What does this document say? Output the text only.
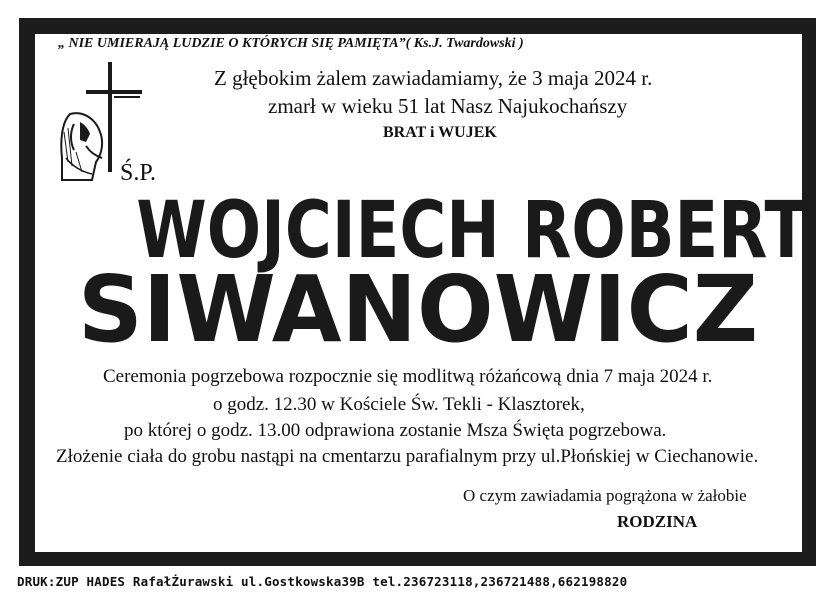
„ NIE UMIERAJĄ LUDZIE O KTÓRYCH SIĘ PAMIĘTA”( Ks.J. Twardowski )
Z głębokim żalem zawiadamiamy, że 3 maja 2024 r.
zmarł w wieku 51 lat Nasz Najukochańszy
BRAT i WUJEK
Ś.P.
WOJCIECH ROBERT
SIWANOWICZ
Ceremonia pogrzebowa rozpocznie się modlitwą różańcową dnia 7 maja 2024 r.
o godz. 12.30 w Kościele Św. Tekli - Klasztorek,
po której o godz. 13.00 odprawiona zostanie Msza Święta pogrzebowa.
Złożenie ciała do grobu nastąpi na cmentarzu parafialnym przy ul.Płońskiej w Ciechanowie.
O czym zawiadamia pogrążona w żałobie
RODZINA
DRUK:ZUP HADES RafałŻurawski ul.Gostkowska39B tel.236723118,236721488,662198820
